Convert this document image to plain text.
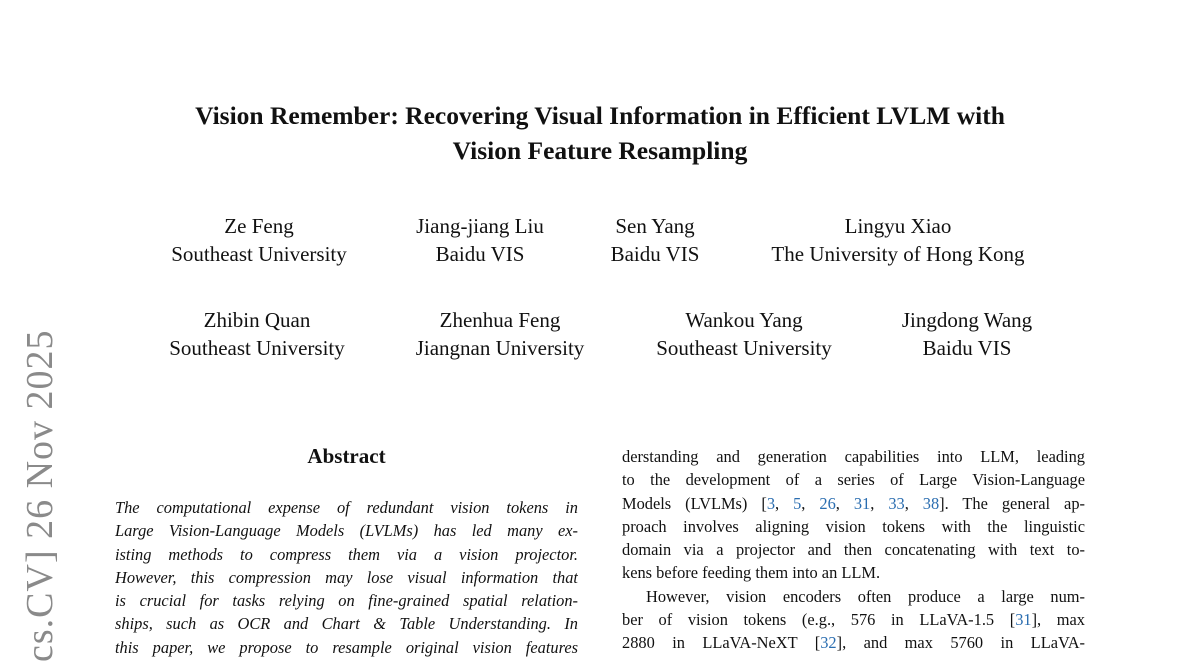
cs.CV] 26 Nov 2025
Vision Remember: Recovering Visual Information in Efficient LVLM with
Vision Feature Resampling
Ze Feng
Southeast University
Jiang-jiang Liu
Baidu VIS
Sen Yang
Baidu VIS
Lingyu Xiao
The University of Hong Kong
Zhibin Quan
Southeast University
Zhenhua Feng
Jiangnan University
Wankou Yang
Southeast University
Jingdong Wang
Baidu VIS
Abstract
The computational expense of redundant vision tokens in
Large Vision-Language Models (LVLMs) has led many ex-
isting methods to compress them via a vision projector.
However, this compression may lose visual information that
is crucial for tasks relying on fine-grained spatial relation-
ships, such as OCR and Chart & Table Understanding. In
this paper, we propose to resample original vision features
derstanding and generation capabilities into LLM, leading
to the development of a series of Large Vision-Language
Models (LVLMs) [3, 5, 26, 31, 33, 38]. The general ap-
proach involves aligning vision tokens with the linguistic
domain via a projector and then concatenating with text to-
kens before feeding them into an LLM.
However, vision encoders often produce a large num-
ber of vision tokens (e.g., 576 in LLaVA-1.5 [31], max
2880 in LLaVA-NeXT [32], and max 5760 in LLaVA-
